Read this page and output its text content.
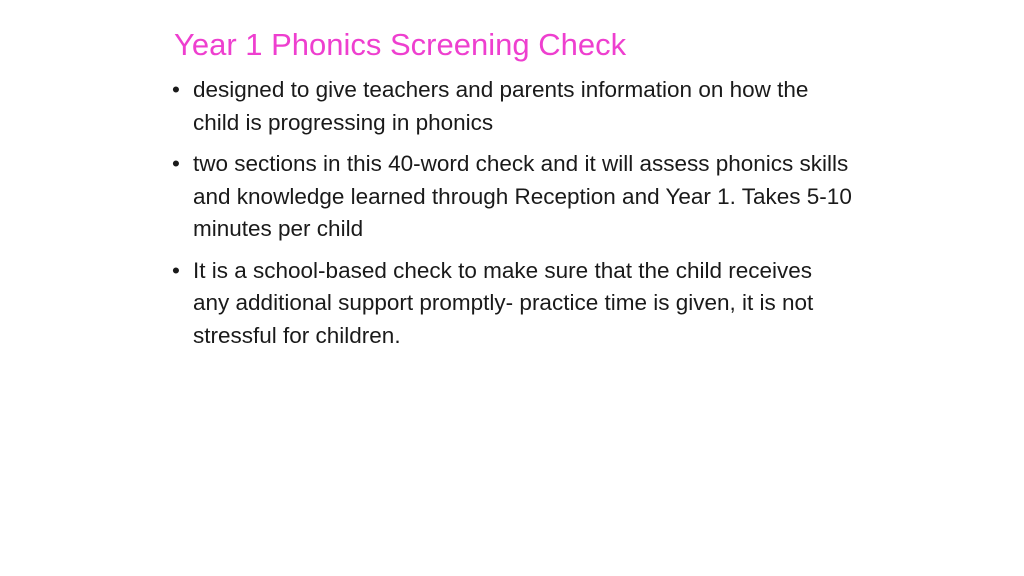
Year 1 Phonics Screening Check
• designed to give teachers and parents information on how the child is progressing in phonics
• two sections in this 40-word check and it will assess phonics skills and knowledge learned through Reception and Year 1. Takes 5-10 minutes per child
• It is a school-based check to make sure that the child receives any additional support promptly- practice time is given, it is not stressful for children.
